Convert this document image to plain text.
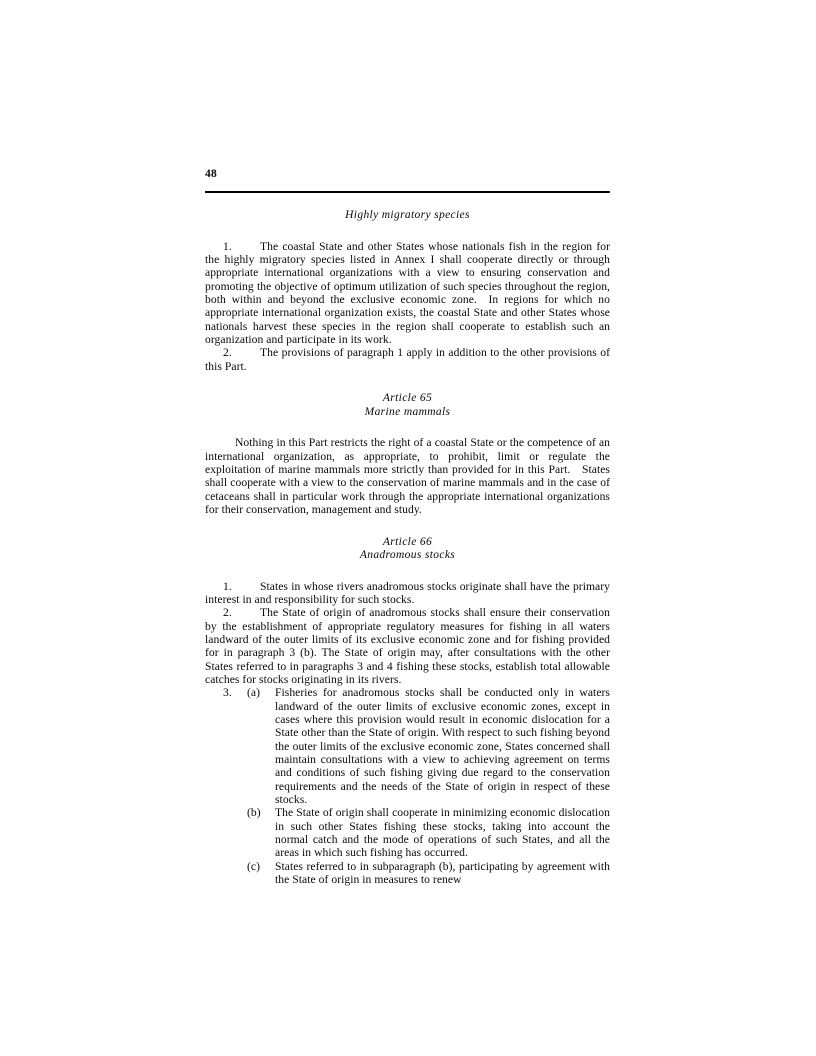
48
Highly migratory species
1.	The coastal State and other States whose nationals fish in the region for the highly migratory species listed in Annex I shall cooperate directly or through appropriate international organizations with a view to ensuring conservation and promoting the objective of optimum utilization of such species throughout the region, both within and beyond the exclusive economic zone. In regions for which no appropriate international organization exists, the coastal State and other States whose nationals harvest these species in the region shall cooperate to establish such an organization and participate in its work.
2.	The provisions of paragraph 1 apply in addition to the other provisions of this Part.
Article 65
Marine mammals

Nothing in this Part restricts the right of a coastal State or the competence of an international organization, as appropriate, to prohibit, limit or regulate the exploitation of marine mammals more strictly than provided for in this Part. States shall cooperate with a view to the conservation of marine mammals and in the case of cetaceans shall in particular work through the appropriate international organizations for their conservation, management and study.

Article 66
Anadromous stocks
1.	States in whose rivers anadromous stocks originate shall have the primary interest in and responsibility for such stocks.
2.	The State of origin of anadromous stocks shall ensure their conservation by the establishment of appropriate regulatory measures for fishing in all waters landward of the outer limits of its exclusive economic zone and for fishing provided for in paragraph 3 (b). The State of origin may, after consultations with the other States referred to in paragraphs 3 and 4 fishing these stocks, establish total allowable catches for stocks originating in its rivers.
3.	(a)	Fisheries for anadromous stocks shall be conducted only in waters landward of the outer limits of exclusive economic zones, except in cases where this provision would result in economic dislocation for a State other than the State of origin. With respect to such fishing beyond the outer limits of the exclusive economic zone, States concerned shall maintain consultations with a view to achieving agreement on terms and conditions of such fishing giving due regard to the conservation requirements and the needs of the State of origin in respect of these stocks.
(b)	The State of origin shall cooperate in minimizing economic dislocation in such other States fishing these stocks, taking into account the normal catch and the mode of operations of such States, and all the areas in which such fishing has occurred.
(c)	States referred to in subparagraph (b), participating by agreement with the State of origin in measures to renew
